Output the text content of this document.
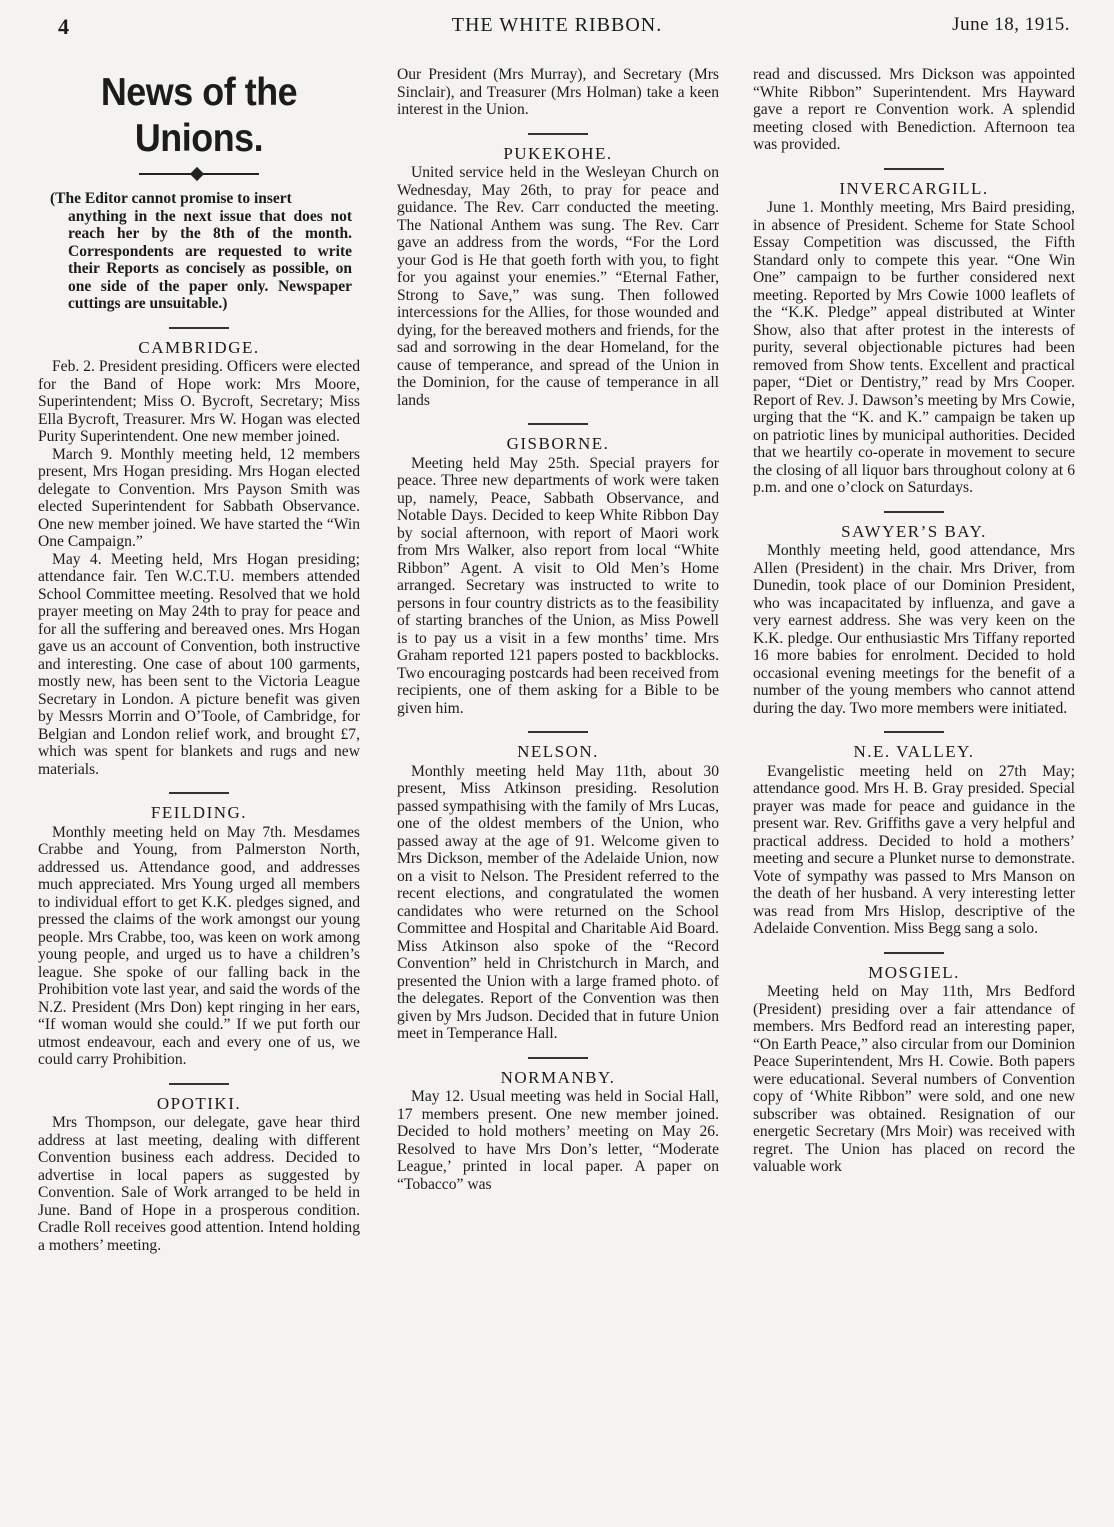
4	THE WHITE RIBBON.	June 18, 1915.
News of the Unions.
(The Editor cannot promise to insert
anything in the next issue that does not reach her by the 8th of the month. Correspondents are requested to write their Reports as concisely as possible, on one side of the paper only. Newspaper cuttings are unsuitable.)
CAMBRIDGE.

Feb. 2. President presiding. Officers were elected for the Band of Hope work: Mrs Moore, Superintendent; Miss O. Bycroft, Secretary; Miss Ella Bycroft, Treasurer. Mrs W. Hogan was elected Purity Superintendent. One new member joined.

March 9. Monthly meeting held, 12 members present, Mrs Hogan presiding. Mrs Hogan elected delegate to Convention. Mrs Payson Smith was elected Superintendent for Sabbath Observance. One new member joined. We have started the “Win One Campaign.”

May 4. Meeting held, Mrs Hogan presiding; attendance fair. Ten W.C.T.U. members attended School Committee meeting. Resolved that we hold prayer meeting on May 24th to pray for peace and for all the suffering and bereaved ones. Mrs Hogan gave us an account of Convention, both instructive and interesting. One case of about 100 garments, mostly new, has been sent to the Victoria League Secretary in London. A picture benefit was given by Messrs Morrin and O’Toole, of Cambridge, for Belgian and London relief work, and brought £7, which was spent for blankets and rugs and new materials.

FEILDING.

Monthly meeting held on May 7th. Mesdames Crabbe and Young, from Palmerston North, addressed us. Attendance good, and addresses much appreciated. Mrs Young urged all members to individual effort to get K.K. pledges signed, and pressed the claims of the work amongst our young people. Mrs Crabbe, too, was keen on work among young people, and urged us to have a children’s league. She spoke of our falling back in the Prohibition vote last year, and said the words of the N.Z. President (Mrs Don) kept ringing in her ears, “If woman would she could.” If we put forth our utmost endeavour, each and every one of us, we could carry Prohibition.

OPOTIKI.

Mrs Thompson, our delegate, gave hear third address at last meeting, dealing with different Convention business each address. Decided to advertise in local papers as suggested by Convention. Sale of Work arranged to be held in June. Band of Hope in a prosperous condition. Cradle Roll receives good attention. Intend holding a mothers’ meeting.

Our President (Mrs Murray), and Secretary (Mrs Sinclair), and Treasurer (Mrs Holman) take a keen interest in the Union.

PUKEKOHE.

United service held in the Wesleyan Church on Wednesday, May 26th, to pray for peace and guidance. The Rev. Carr conducted the meeting. The National Anthem was sung. The Rev. Carr gave an address from the words, “For the Lord your God is He that goeth forth with you, to fight for you against your enemies.” “Eternal Father, Strong to Save,” was sung. Then followed intercessions for the Allies, for those wounded and dying, for the bereaved mothers and friends, for the sad and sorrowing in the dear Homeland, for the cause of temperance, and spread of the Union in the Dominion, for the cause of temperance in all lands

GISBORNE.

Meeting held May 25th. Special prayers for peace. Three new departments of work were taken up, namely, Peace, Sabbath Observance, and Notable Days. Decided to keep White Ribbon Day by social afternoon, with report of Maori work from Mrs Walker, also report from local “White Ribbon” Agent. A visit to Old Men’s Home arranged. Secretary was instructed to write to persons in four country districts as to the feasibility of starting branches of the Union, as Miss Powell is to pay us a visit in a few months’ time. Mrs Graham reported 121 papers posted to backblocks. Two encouraging postcards had been received from recipients, one of them asking for a Bible to be given him.

NELSON.

Monthly meeting held May 11th, about 30 present, Miss Atkinson presiding. Resolution passed sympathising with the family of Mrs Lucas, one of the oldest members of the Union, who passed away at the age of 91. Welcome given to Mrs Dickson, member of the Adelaide Union, now on a visit to Nelson. The President referred to the recent elections, and congratulated the women candidates who were returned on the School Committee and Hospital and Charitable Aid Board. Miss Atkinson also spoke of the “Record Convention” held in Christchurch in March, and presented the Union with a large framed photo. of the delegates. Report of the Convention was then given by Mrs Judson. Decided that in future Union meet in Temperance Hall.

NORMANBY.

May 12. Usual meeting was held in Social Hall, 17 members present. One new member joined. Decided to hold mothers’ meeting on May 26. Resolved to have Mrs Don’s letter, “Moderate League,’ printed in local paper. A paper on “Tobacco” was

read and discussed. Mrs Dickson was appointed “White Ribbon” Superintendent. Mrs Hayward gave a report re Convention work. A splendid meeting closed with Benediction. Afternoon tea was provided.

INVERCARGILL.

June 1. Monthly meeting, Mrs Baird presiding, in absence of President. Scheme for State School Essay Competition was discussed, the Fifth Standard only to compete this year. “One Win One” campaign to be further considered next meeting. Reported by Mrs Cowie 1000 leaflets of the “K.K. Pledge” appeal distributed at Winter Show, also that after protest in the interests of purity, several objectionable pictures had been removed from Show tents. Excellent and practical paper, “Diet or Dentistry,” read by Mrs Cooper. Report of Rev. J. Dawson’s meeting by Mrs Cowie, urging that the “K. and K.” campaign be taken up on patriotic lines by municipal authorities. Decided that we heartily co-operate in movement to secure the closing of all liquor bars throughout colony at 6 p.m. and one o’clock on Saturdays.

SAWYER’S BAY.

Monthly meeting held, good attendance, Mrs Allen (President) in the chair. Mrs Driver, from Dunedin, took place of our Dominion President, who was incapacitated by influenza, and gave a very earnest address. She was very keen on the K.K. pledge. Our enthusiastic Mrs Tiffany reported 16 more babies for enrolment. Decided to hold occasional evening meetings for the benefit of a number of the young members who cannot attend during the day. Two more members were initiated.

N.E. VALLEY.

Evangelistic meeting held on 27th May; attendance good. Mrs H. B. Gray presided. Special prayer was made for peace and guidance in the present war. Rev. Griffiths gave a very helpful and practical address. Decided to hold a mothers’ meeting and secure a Plunket nurse to demonstrate. Vote of sympathy was passed to Mrs Manson on the death of her husband. A very interesting letter was read from Mrs Hislop, descriptive of the Adelaide Convention. Miss Begg sang a solo.

MOSGIEL.

Meeting held on May 11th, Mrs Bedford (President) presiding over a fair attendance of members. Mrs Bedford read an interesting paper, “On Earth Peace,” also circular from our Dominion Peace Superintendent, Mrs H. Cowie. Both papers were educational. Several numbers of Convention copy of ‘White Ribbon” were sold, and one new subscriber was obtained. Resignation of our energetic Secretary (Mrs Moir) was received with regret. The Union has placed on record the valuable work
